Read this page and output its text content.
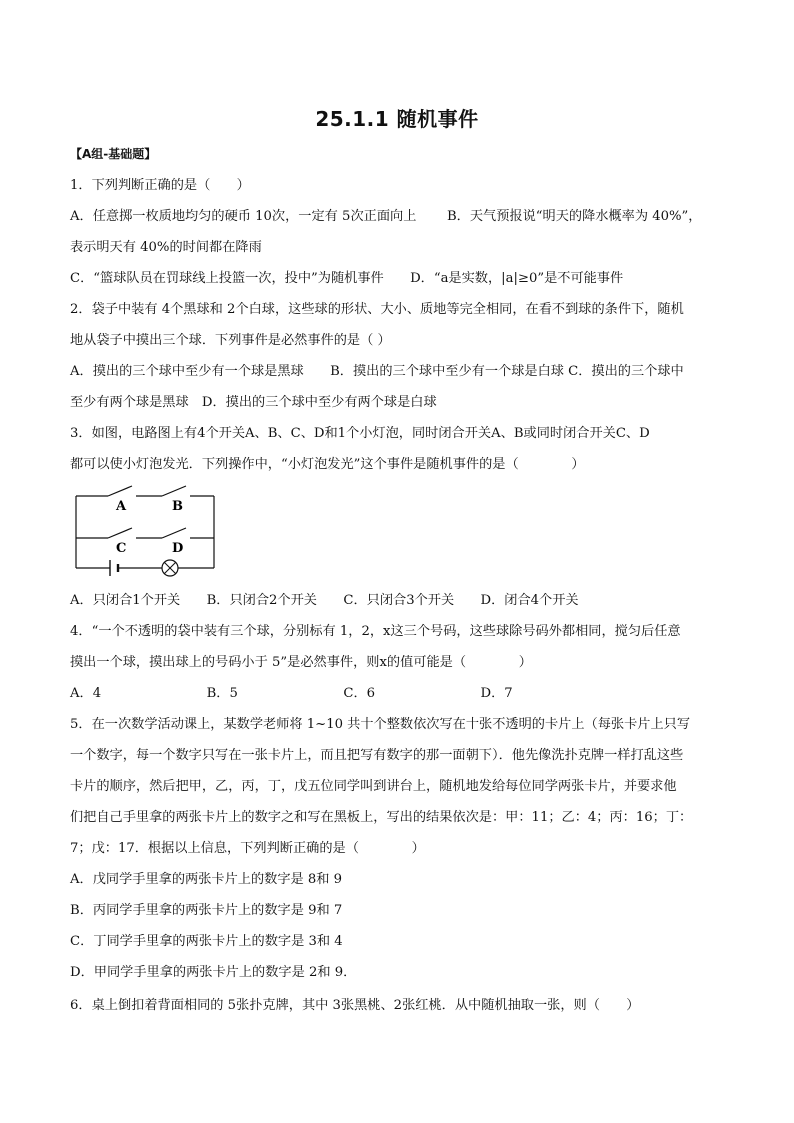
25.1.1 随机事件
【A组-基础题】
1．下列判断正确的是（　　）
A．任意掷一枚质地均匀的硬币 10次，一定有 5次正面向上　　 B．天气预报说“明天的降水概率为 40%”，
表示明天有 40%的时间都在降雨
C．“篮球队员在罚球线上投篮一次，投中”为随机事件　　D．“a是实数，|a|≥0”是不可能事件
2．袋子中装有 4个黑球和 2个白球，这些球的形状、大小、质地等完全相同，在看不到球的条件下，随机
地从袋子中摸出三个球．下列事件是必然事件的是（ ）
A．摸出的三个球中至少有一个球是黑球　　B．摸出的三个球中至少有一个球是白球 C．摸出的三个球中
至少有两个球是黑球　D．摸出的三个球中至少有两个球是白球
3．如图，电路图上有4个开关A、B、C、D和1个小灯泡，同时闭合开关A、B或同时闭合开关C、D
都可以使小灯泡发光．下列操作中，“小灯泡发光”这个事件是随机事件的是（　　　　）
A	B
C	D
A．只闭合1个开关　　B．只闭合2个开关　　C．只闭合3个开关　　D．闭合4个开关
4．“一个不透明的袋中装有三个球，分别标有 1，2，x这三个号码，这些球除号码外都相同，搅匀后任意
摸出一个球，摸出球上的号码小于 5”是必然事件，则x的值可能是（　　　　）
A．4　　　　　　　　B．5　　　　　　　　C．6　　　　　　　　D．7
5．在一次数学活动课上，某数学老师将 1~10 共十个整数依次写在十张不透明的卡片上（每张卡片上只写
一个数字，每一个数字只写在一张卡片上，而且把写有数字的那一面朝下）．他先像洗扑克牌一样打乱这些
卡片的顺序，然后把甲，乙，丙，丁，戊五位同学叫到讲台上，随机地发给每位同学两张卡片，并要求他
们把自己手里拿的两张卡片上的数字之和写在黑板上，写出的结果依次是：甲：11；乙：4；丙：16；丁：
7；戊：17．根据以上信息，下列判断正确的是（　　　　）
A．戊同学手里拿的两张卡片上的数字是 8和 9
B．丙同学手里拿的两张卡片上的数字是 9和 7
C．丁同学手里拿的两张卡片上的数字是 3和 4
D．甲同学手里拿的两张卡片上的数字是 2和 9．
6．桌上倒扣着背面相同的 5张扑克牌，其中 3张黑桃、2张红桃．从中随机抽取一张，则（　　）
